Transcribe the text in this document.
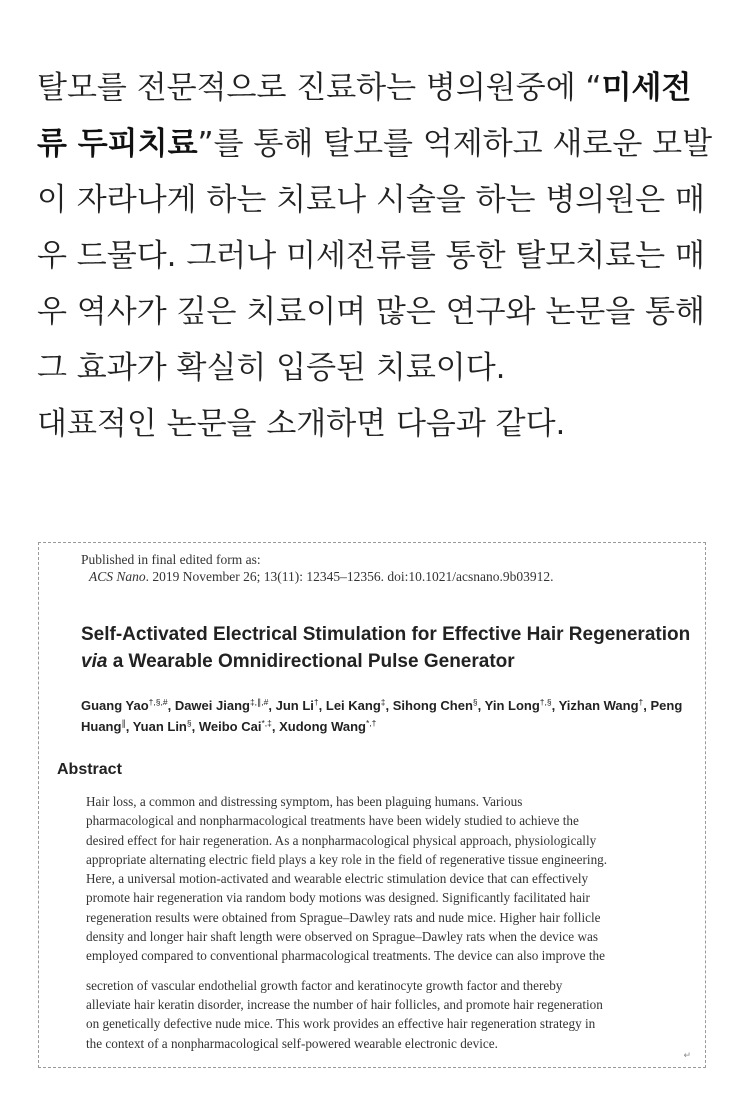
탈모를 전문적으로 진료하는 병의원중에 “미세전
류 두피치료”를 통해 탈모를 억제하고 새로운 모발
이 자라나게 하는 치료나 시술을 하는 병의원은 매
우 드물다. 그러나 미세전류를 통한 탈모치료는 매
우 역사가 깊은 치료이며 많은 연구와 논문을 통해
그 효과가 확실히 입증된 치료이다.
대표적인 논문을 소개하면 다음과 같다.
Published in final edited form as:
ACS Nano. 2019 November 26; 13(11): 12345–12356. doi:10.1021/acsnano.9b03912.
Self-Activated Electrical Stimulation for Effective Hair Regeneration via a Wearable Omnidirectional Pulse Generator
Guang Yao†,§,#, Dawei Jiang‡,∥,#, Jun Li†, Lei Kang‡, Sihong Chen§, Yin Long†,§, Yizhan Wang†, Peng Huang∥, Yuan Lin§, Weibo Cai*,‡, Xudong Wang*,†
Abstract
Hair loss, a common and distressing symptom, has been plaguing humans. Various
pharmacological and nonpharmacological treatments have been widely studied to achieve the
desired effect for hair regeneration. As a nonpharmacological physical approach, physiologically
appropriate alternating electric field plays a key role in the field of regenerative tissue engineering.
Here, a universal motion-activated and wearable electric stimulation device that can effectively
promote hair regeneration via random body motions was designed. Significantly facilitated hair
regeneration results were obtained from Sprague–Dawley rats and nude mice. Higher hair follicle
density and longer hair shaft length were observed on Sprague–Dawley rats when the device was
employed compared to conventional pharmacological treatments. The device can also improve the
secretion of vascular endothelial growth factor and keratinocyte growth factor and thereby
alleviate hair keratin disorder, increase the number of hair follicles, and promote hair regeneration
on genetically defective nude mice. This work provides an effective hair regeneration strategy in
the context of a nonpharmacological self-powered wearable electronic device.
↵
